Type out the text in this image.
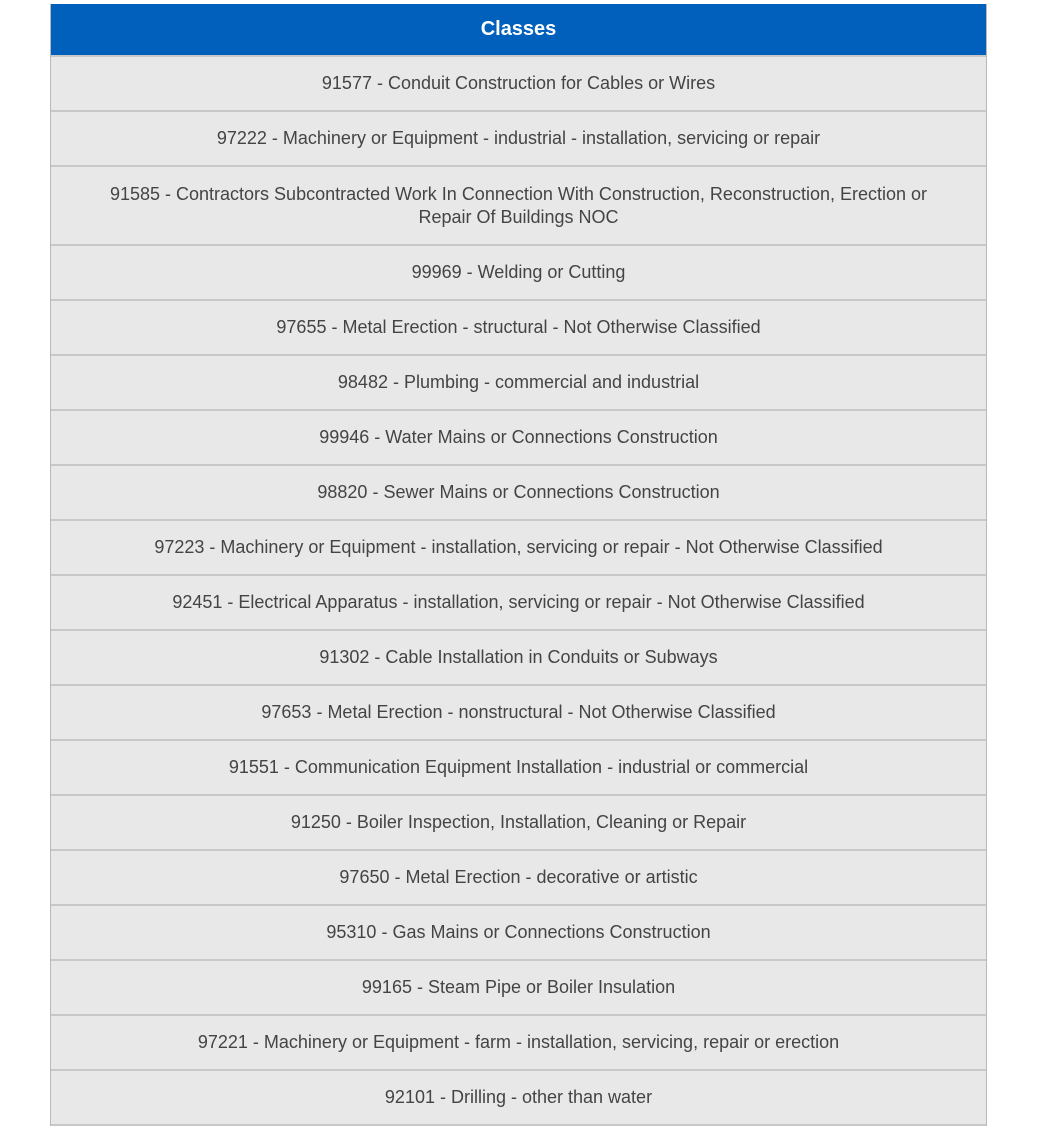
Classes
91577 - Conduit Construction for Cables or Wires
97222 - Machinery or Equipment - industrial - installation, servicing or repair
91585 - Contractors Subcontracted Work In Connection With Construction, Reconstruction, Erection or Repair Of Buildings NOC
99969 - Welding or Cutting
97655 - Metal Erection - structural - Not Otherwise Classified
98482 - Plumbing - commercial and industrial
99946 - Water Mains or Connections Construction
98820 - Sewer Mains or Connections Construction
97223 - Machinery or Equipment - installation, servicing or repair - Not Otherwise Classified
92451 - Electrical Apparatus - installation, servicing or repair - Not Otherwise Classified
91302 - Cable Installation in Conduits or Subways
97653 - Metal Erection - nonstructural - Not Otherwise Classified
91551 - Communication Equipment Installation - industrial or commercial
91250 - Boiler Inspection, Installation, Cleaning or Repair
97650 - Metal Erection - decorative or artistic
95310 - Gas Mains or Connections Construction
99165 - Steam Pipe or Boiler Insulation
97221 - Machinery or Equipment - farm - installation, servicing, repair or erection
92101 - Drilling - other than water
